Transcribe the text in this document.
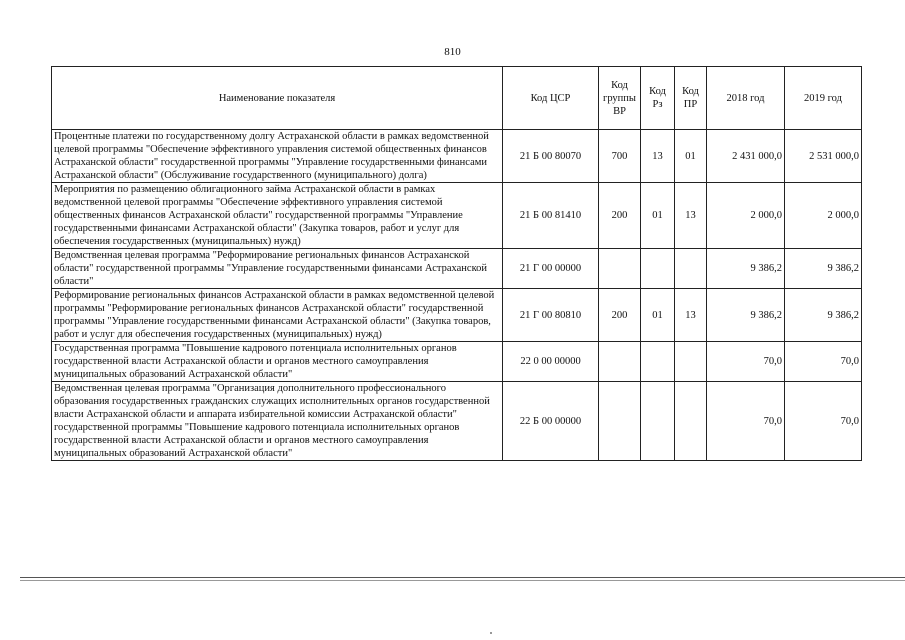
810
Наименование показателя	Код ЦСР	Код группы ВР	Код Рз	Код ПР	2018 год	2019 год
Процентные платежи по государственному долгу Астраханской области в рамках ведомственной целевой программы "Обеспечение эффективного управления системой общественных финансов Астраханской области" государственной программы "Управление государственными финансами Астраханской области" (Обслуживание государственного (муниципального) долга)	21 Б 00 80070	700	13	01	2 431 000,0	2 531 000,0
Мероприятия по размещению облигационного займа Астраханской области в рамках ведомственной целевой программы "Обеспечение эффективного управления системой общественных финансов Астраханской области" государственной программы "Управление государственными финансами Астраханской области" (Закупка товаров, работ и услуг для обеспечения государственных (муниципальных) нужд)	21 Б 00 81410	200	01	13	2 000,0	2 000,0
Ведомственная целевая программа "Реформирование региональных финансов Астраханской области" государственной программы "Управление государственными финансами Астраханской области"	21 Г 00 00000				9 386,2	9 386,2
Реформирование региональных финансов Астраханской области в рамках ведомственной целевой программы "Реформирование региональных финансов Астраханской области" государственной программы "Управление государственными финансами Астраханской области" (Закупка товаров, работ и услуг для обеспечения государственных (муниципальных) нужд)	21 Г 00 80810	200	01	13	9 386,2	9 386,2
Государственная программа "Повышение кадрового потенциала исполнительных органов государственной власти Астраханской области и органов местного самоуправления муниципальных образований Астраханской области"	22 0 00 00000				70,0	70,0
Ведомственная целевая программа "Организация дополнительного профессионального образования государственных гражданских служащих исполнительных органов государственной власти Астраханской области и аппарата избирательной комиссии Астраханской области" государственной программы "Повышение кадрового потенциала исполнительных органов государственной власти Астраханской области и органов местного самоуправления муниципальных образований Астраханской области"	22 Б 00 00000				70,0	70,0
